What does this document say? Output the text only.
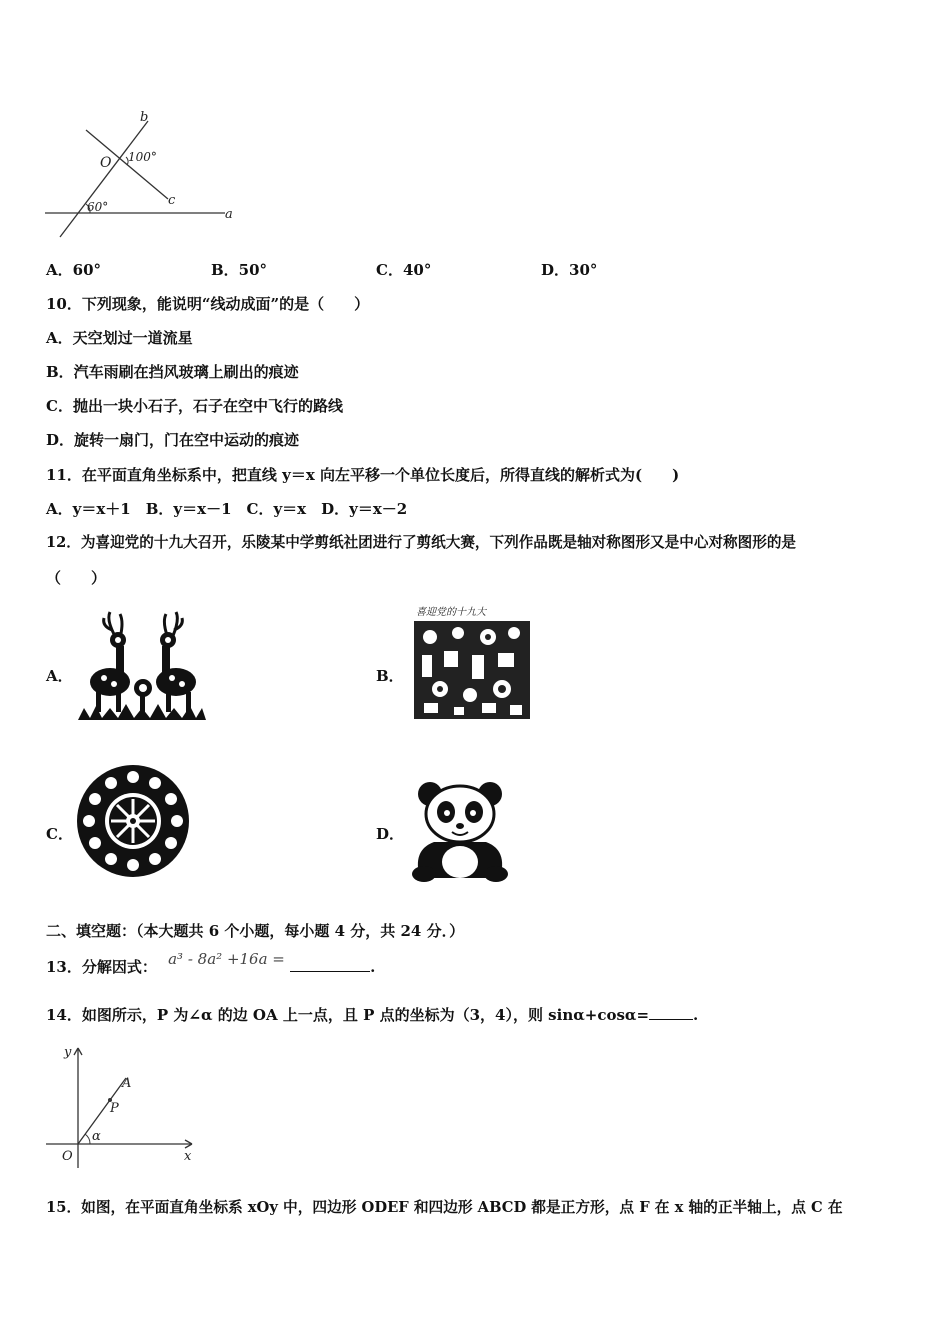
b
O 100°
c
60°	a
A．60°	B．50°	C．40°	D．30°
10．下列现象，能说明“线动成面”的是（　　）
A．天空划过一道流星
B．汽车雨刷在挡风玻璃上刷出的痕迹
C．抛出一块小石子，石子在空中飞行的路线
D．旋转一扇门，门在空中运动的痕迹
11．在平面直角坐标系中，把直线 y＝x 向左平移一个单位长度后，所得直线的解析式为(　　)
A．y＝x＋1　B．y＝x－1　C．y＝x　D．y＝x－2
12．为喜迎党的十九大召开，乐陵某中学剪纸社团进行了剪纸大赛，下列作品既是轴对称图形又是中心对称图形的是
（　　）
A．	B．
C．	D．
喜迎党的十九大
二、填空题：（本大题共 6 个小题，每小题 4 分，共 24 分．）
13．分解因式： a³ - 8a² +16a =	.
14．如图所示，P 为∠α 的边 OA 上一点，且 P 点的坐标为（3，4），则 sinα+cosα=	.
y
A
P
α
O	x
15．如图，在平面直角坐标系 xOy 中，四边形 ODEF 和四边形 ABCD 都是正方形，点 F 在 x 轴的正半轴上，点 C 在
